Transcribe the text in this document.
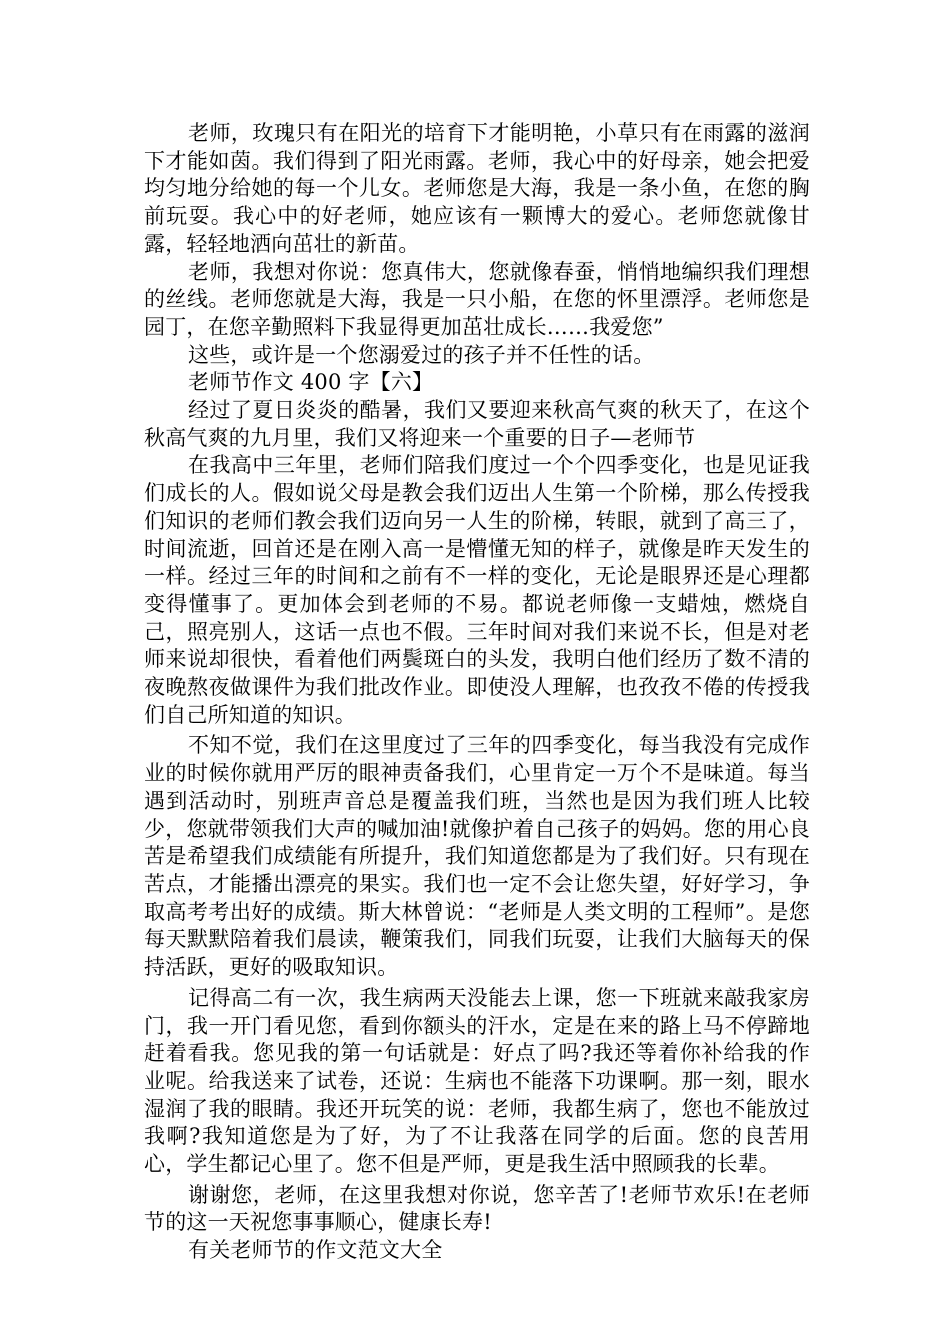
老师，玫瑰只有在阳光的培育下才能明艳，小草只有在雨露的滋润下才能如茵。我们得到了阳光雨露。老师，我心中的好母亲，她会把爱均匀地分给她的每一个儿女。老师您是大海，我是一条小鱼，在您的胸前玩耍。我心中的好老师，她应该有一颗博大的爱心。老师您就像甘露，轻轻地洒向茁壮的新苗。

老师，我想对你说：您真伟大，您就像春蚕，悄悄地编织我们理想的丝线。老师您就是大海，我是一只小船，在您的怀里漂浮。老师您是园丁，在您辛勤照料下我显得更加茁壮成长……我爱您”

这些，或许是一个您溺爱过的孩子并不任性的话。

老师节作文 400 字【六】

经过了夏日炎炎的酷暑，我们又要迎来秋高气爽的秋天了，在这个秋高气爽的九月里，我们又将迎来一个重要的日子—老师节

在我高中三年里，老师们陪我们度过一个个四季变化，也是见证我们成长的人。假如说父母是教会我们迈出人生第一个阶梯，那么传授我们知识的老师们教会我们迈向另一人生的阶梯，转眼，就到了高三了，时间流逝，回首还是在刚入高一是懵懂无知的样子，就像是昨天发生的一样。经过三年的时间和之前有不一样的变化，无论是眼界还是心理都变得懂事了。更加体会到老师的不易。都说老师像一支蜡烛，燃烧自己，照亮别人，这话一点也不假。三年时间对我们来说不长，但是对老师来说却很快，看着他们两鬓斑白的头发，我明白他们经历了数不清的夜晚熬夜做课件为我们批改作业。即使没人理解，也孜孜不倦的传授我们自己所知道的知识。

不知不觉，我们在这里度过了三年的四季变化，每当我没有完成作业的时候你就用严厉的眼神责备我们，心里肯定一万个不是味道。每当遇到活动时，别班声音总是覆盖我们班，当然也是因为我们班人比较少，您就带领我们大声的喊加油!就像护着自己孩子的妈妈。您的用心良苦是希望我们成绩能有所提升，我们知道您都是为了我们好。只有现在苦点，才能播出漂亮的果实。我们也一定不会让您失望，好好学习，争取高考考出好的成绩。斯大林曾说：“老师是人类文明的工程师”。是您每天默默陪着我们晨读，鞭策我们，同我们玩耍，让我们大脑每天的保持活跃，更好的吸取知识。

记得高二有一次，我生病两天没能去上课，您一下班就来敲我家房门，我一开门看见您，看到你额头的汗水，定是在来的路上马不停蹄地赶着看我。您见我的第一句话就是：好点了吗?我还等着你补给我的作业呢。给我送来了试卷，还说：生病也不能落下功课啊。那一刻，眼水湿润了我的眼睛。我还开玩笑的说：老师，我都生病了，您也不能放过我啊?我知道您是为了好，为了不让我落在同学的后面。您的良苦用心，学生都记心里了。您不但是严师，更是我生活中照顾我的长辈。

谢谢您，老师，在这里我想对你说，您辛苦了!老师节欢乐!在老师节的这一天祝您事事顺心，健康长寿!

有关老师节的作文范文大全
